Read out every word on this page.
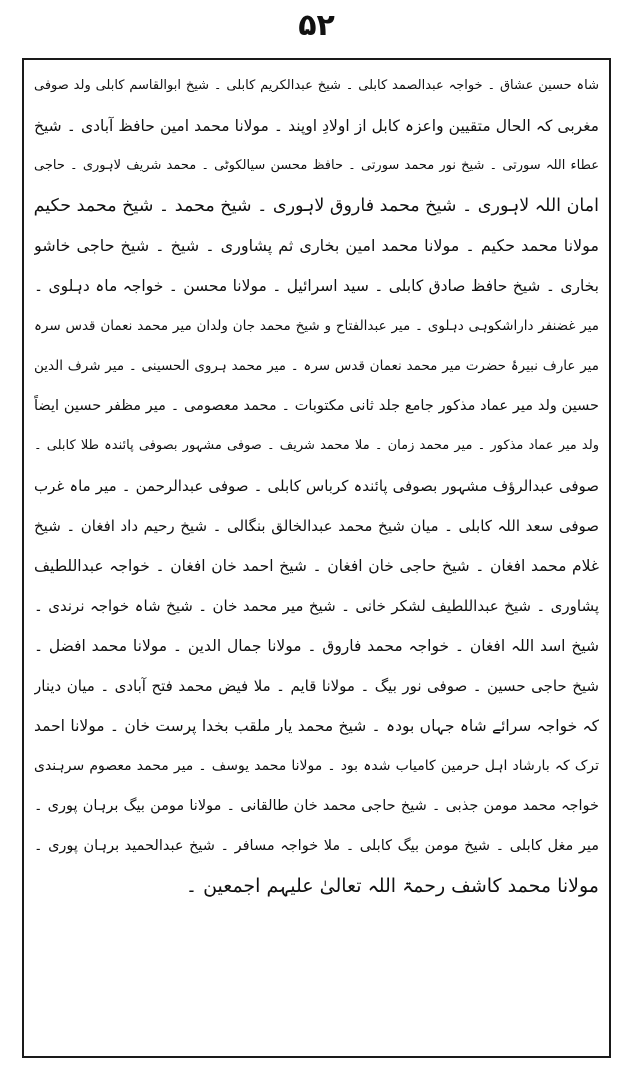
۵۲
شاہ حسین عشاق ۔ خواجہ عبدالصمد کابلی ۔ شیخ عبدالکریم کابلی ۔ شیخ ابوالقاسم کابلی ولد صوفی
مغربی کہ الحال متقیین واعزہ کابل از اولادِ اوپند ۔ مولانا محمد امین حافظ آبادی ۔ شیخ
عطاء اللہ سورتی ۔ شیخ نور محمد سورتی ۔ حافظ محسن سیالکوٹی ۔ محمد شریف لاہوری ۔ حاجی
امان اللہ لاہوری ۔ شیخ محمد فاروق لاہوری ۔ شیخ محمد ۔ شیخ محمد حکیم
مولانا محمد حکیم ۔ مولانا محمد امین بخاری ثم پشاوری ۔ شیخ ۔ شیخ حاجی خاشو
بخاری ۔ شیخ حافظ صادق کابلی ۔ سید اسرائیل ۔ مولانا محسن ۔ خواجہ ماہ دہلوی ۔
میر غضنفر داراشکوہی دہلوی ۔ میر عبدالفتاح و شیخ محمد جان ولدان میر محمد نعمان قدس سرہ
میر عارف نبیرۂ حضرت میر محمد نعمان قدس سرہ ۔ میر محمد ہروی الحسینی ۔ میر شرف الدین
حسین ولد میر عماد مذکور جامع جلد ثانی مکتوبات ۔ محمد معصومی ۔ میر مظفر حسین ایضاً
ولد میر عماد مذکور ۔ میر محمد زمان ۔ ملا محمد شریف ۔ صوفی مشہور بصوفی پائندہ طلا کابلی ۔
صوفی عبدالرؤف مشہور بصوفی پائندہ کرباس کابلی ۔ صوفی عبدالرحمن ۔ میر ماہ غرب
صوفی سعد اللہ کابلی ۔ میان شیخ محمد عبدالخالق بنگالی ۔ شیخ رحیم داد افغان ۔ شیخ
غلام محمد افغان ۔ شیخ حاجی خان افغان ۔ شیخ احمد خان افغان ۔ خواجہ عبداللطیف
پشاوری ۔ شیخ عبداللطیف لشکر خانی ۔ شیخ میر محمد خان ۔ شیخ شاہ خواجہ نرندی ۔
شیخ اسد اللہ افغان ۔ خواجہ محمد فاروق ۔ مولانا جمال الدین ۔ مولانا محمد افضل ۔
شیخ حاجی حسین ۔ صوفی نور بیگ ۔ مولانا قایم ۔ ملا فیض محمد فتح آبادی ۔ میان دینار
کہ خواجہ سرائے شاہ جہاں بودہ ۔ شیخ محمد یار ملقب بخدا پرست خان ۔ مولانا احمد
ترک کہ بارشاد اہل حرمین کامیاب شدہ بود ۔ مولانا محمد یوسف ۔ میر محمد معصوم سرہندی
خواجہ محمد مومن جذبی ۔ شیخ حاجی محمد خان طالقانی ۔ مولانا مومن بیگ برہان پوری ۔
میر مغل کابلی ۔ شیخ مومن بیگ کابلی ۔ ملا خواجہ مسافر ۔ شیخ عبدالحمید برہان پوری ۔
مولانا محمد کاشف رحمۃ اللہ تعالیٰ علیہم اجمعین ۔
